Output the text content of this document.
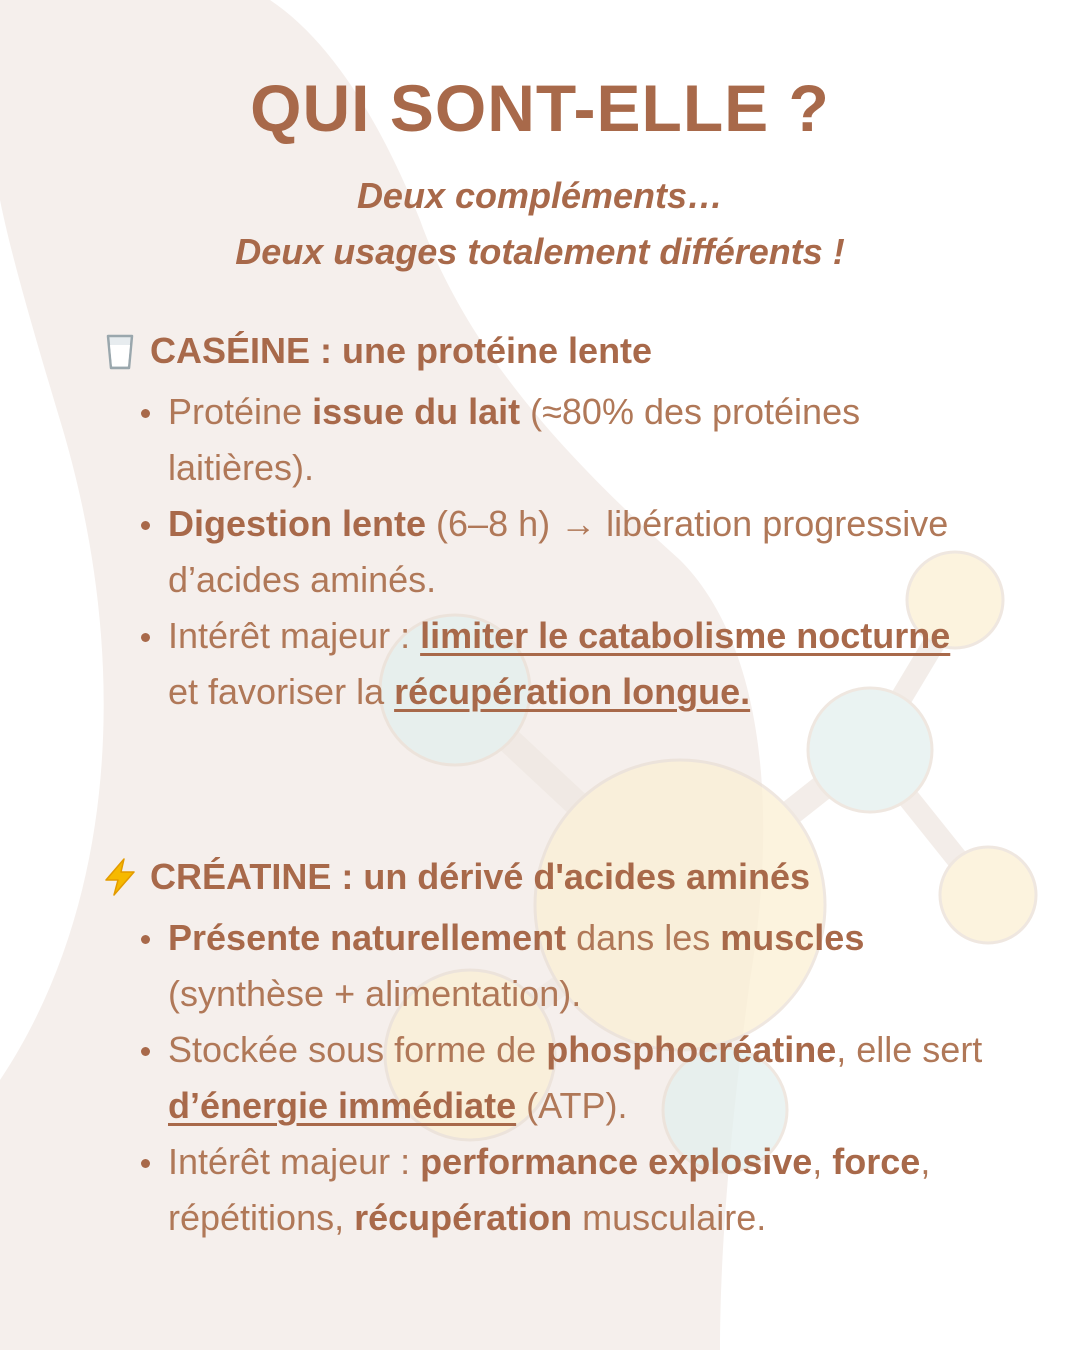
QUI SONT-ELLE ?
Deux compléments…
Deux usages totalement différents !
CASÉINE : une protéine lente
Protéine issue du lait (≈80% des protéines laitières).
Digestion lente (6–8 h) → libération progressive d’acides aminés.
Intérêt majeur : limiter le catabolisme nocturne et favoriser la récupération longue.
CRÉATINE : un dérivé d'acides aminés
Présente naturellement dans les muscles (synthèse + alimentation).
Stockée sous forme de phosphocréatine, elle sert d’énergie immédiate (ATP).
Intérêt majeur : performance explosive, force, répétitions, récupération musculaire.
